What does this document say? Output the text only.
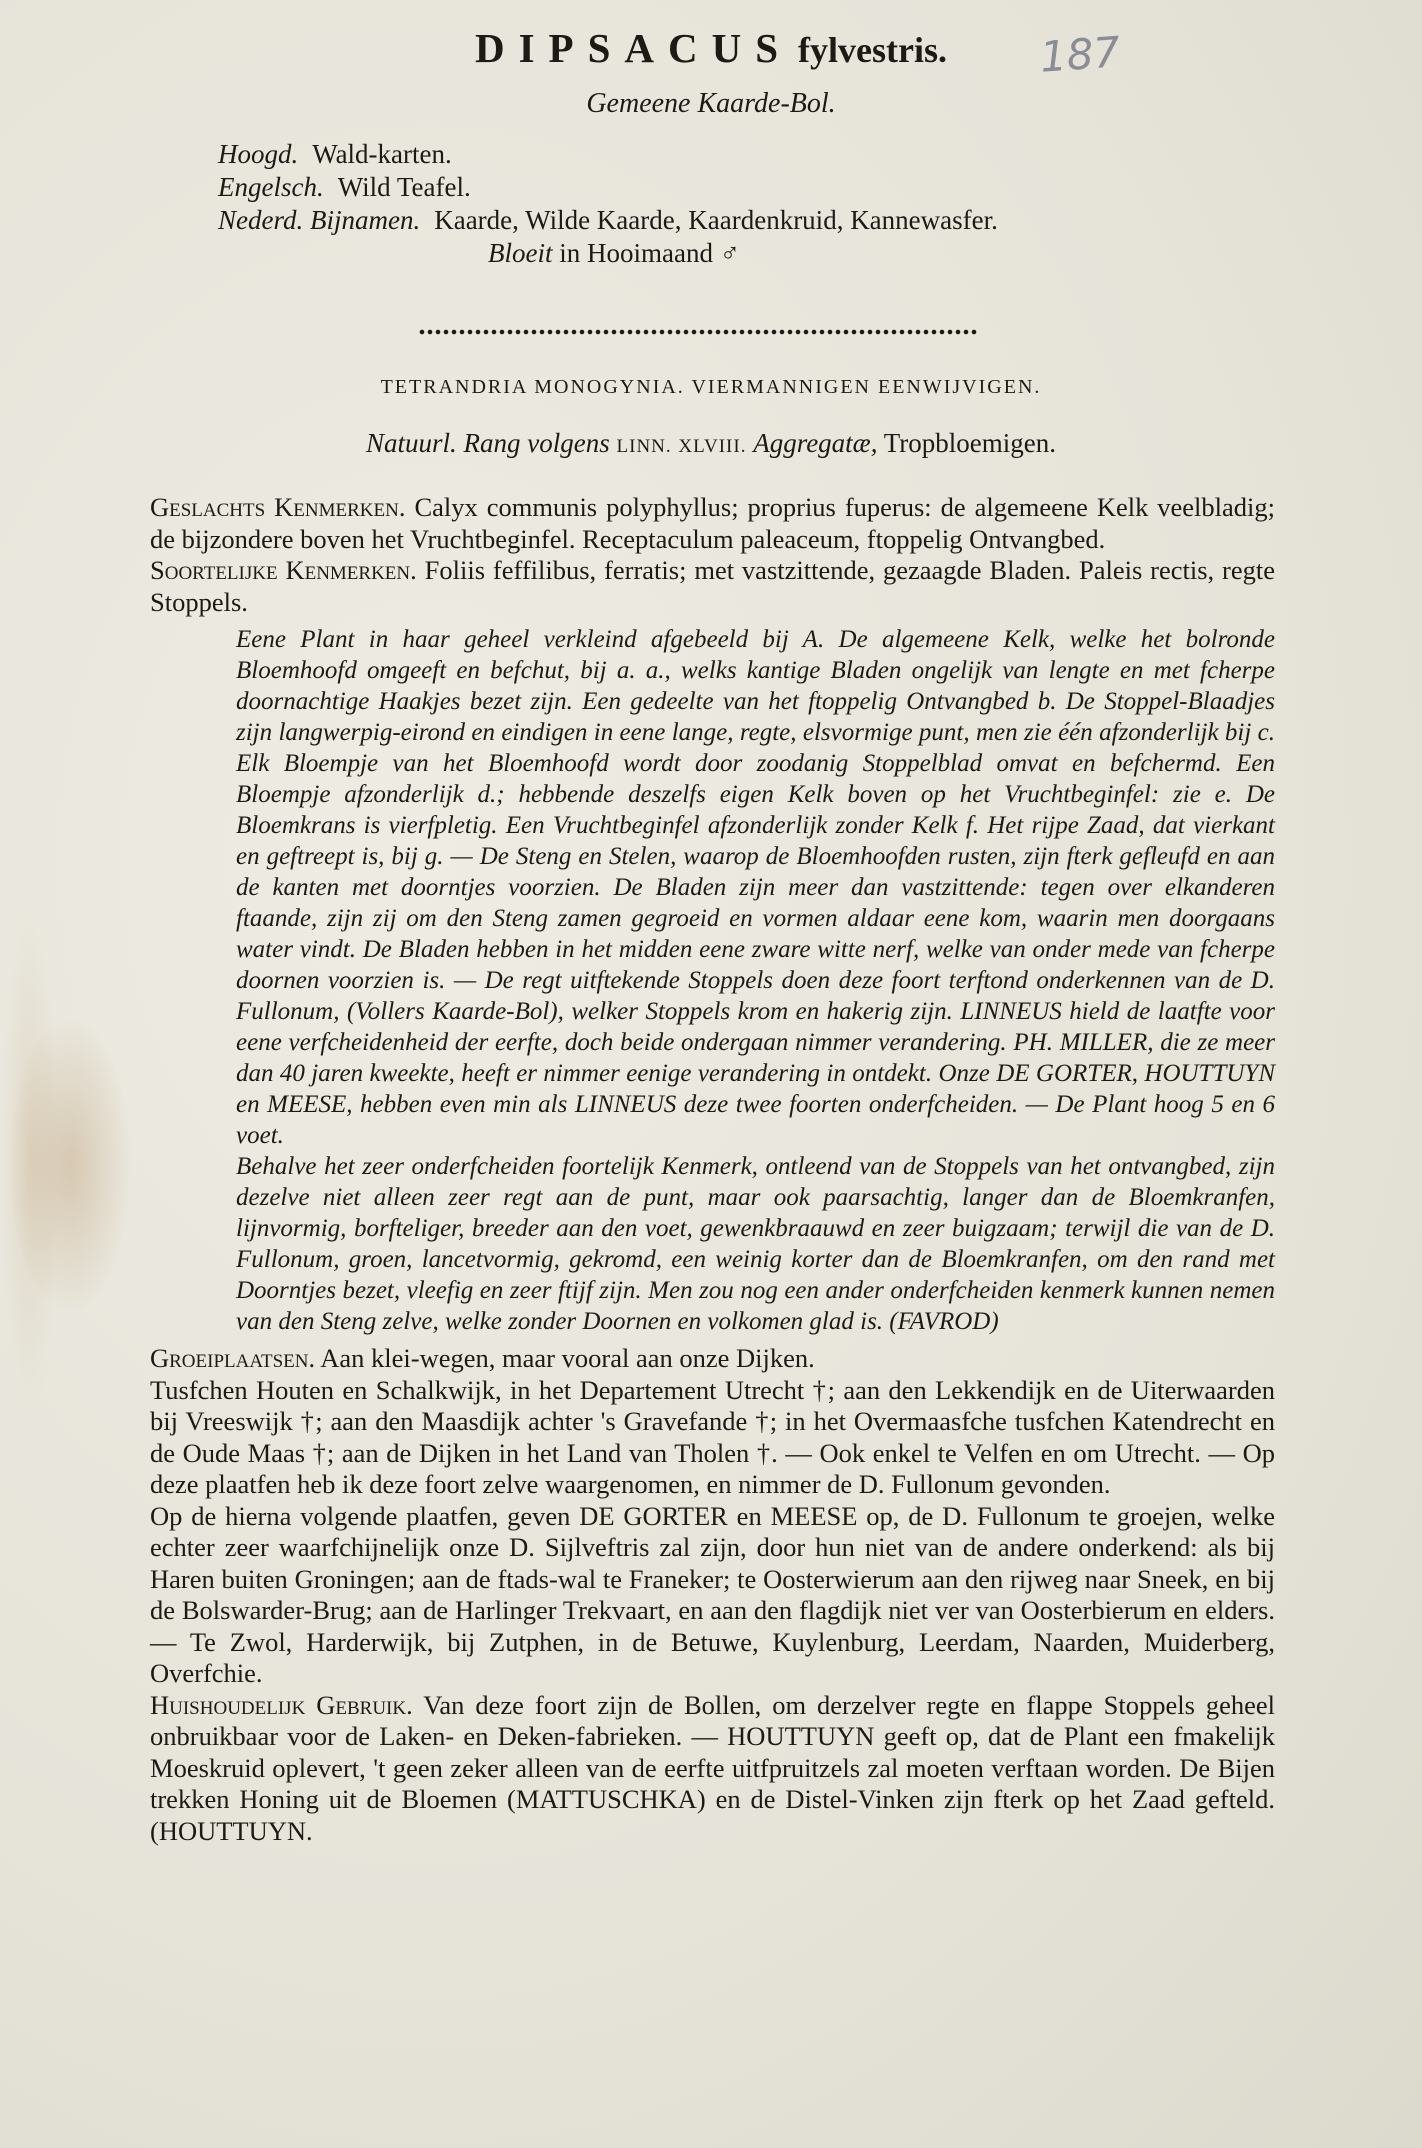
DIPSACUS fylvestris.	187
Gemeene Kaarde-Bol.
Hoogd. Wald-karten.
Engelsch. Wild Teafel.
Nederd. Bijnamen. Kaarde, Wilde Kaarde, Kaardenkruid, Kannewasfer.
Bloeit in Hooimaand ♂
TETRANDRIA MONOGYNIA. VIERMANNIGEN EENWIJVIGEN.
Natuurl. Rang volgens LINN. XLVIII. Aggregatæ, Tropbloemigen.

Geslachts Kenmerken. Calyx communis polyphyllus; proprius fuperus: de algemeene Kelk veelbladig; de bijzondere boven het Vruchtbeginfel. Receptaculum paleaceum, ftoppelig Ontvangbed.

Soortelijke Kenmerken. Foliis feffilibus, ferratis; met vastzittende, gezaagde Bladen. Paleis rectis, regte Stoppels.

Eene Plant in haar geheel verkleind afgebeeld bij A. De algemeene Kelk, welke het bolronde Bloemhoofd omgeeft en befchut, bij a. a., welks kantige Bladen ongelijk van lengte en met fcherpe doornachtige Haakjes bezet zijn. Een gedeelte van het ftoppelig Ontvangbed b. De Stoppel-Blaadjes zijn langwerpig-eirond en eindigen in eene lange, regte, elsvormige punt, men zie één afzonderlijk bij c. Elk Bloempje van het Bloemhoofd wordt door zoodanig Stoppelblad omvat en befchermd. Een Bloempje afzonderlijk d.; hebbende deszelfs eigen Kelk boven op het Vruchtbeginfel: zie e. De Bloemkrans is vierfpletig. Een Vruchtbeginfel afzonderlijk zonder Kelk f. Het rijpe Zaad, dat vierkant en geftreept is, bij g. — De Steng en Stelen, waarop de Bloemhoofden rusten, zijn fterk gefleufd en aan de kanten met doorntjes voorzien. De Bladen zijn meer dan vastzittende: tegen over elkanderen ftaande, zijn zij om den Steng zamen gegroeid en vormen aldaar eene kom, waarin men doorgaans water vindt. De Bladen hebben in het midden eene zware witte nerf, welke van onder mede van fcherpe doornen voorzien is. — De regt uitftekende Stoppels doen deze foort terftond onderkennen van de D. Fullonum, (Vollers Kaarde-Bol), welker Stoppels krom en hakerig zijn. LINNEUS hield de laatfte voor eene verfcheidenheid der eerfte, doch beide ondergaan nimmer verandering. PH. MILLER, die ze meer dan 40 jaren kweekte, heeft er nimmer eenige verandering in ontdekt. Onze DE GORTER, HOUTTUYN en MEESE, hebben even min als LINNEUS deze twee foorten onderfcheiden. — De Plant hoog 5 en 6 voet.

Behalve het zeer onderfcheiden foortelijk Kenmerk, ontleend van de Stoppels van het ontvangbed, zijn dezelve niet alleen zeer regt aan de punt, maar ook paarsachtig, langer dan de Bloemkranfen, lijnvormig, borfteliger, breeder aan den voet, gewenkbraauwd en zeer buigzaam; terwijl die van de D. Fullonum, groen, lancetvormig, gekromd, een weinig korter dan de Bloemkranfen, om den rand met Doorntjes bezet, vleefig en zeer ftijf zijn. Men zou nog een ander onderfcheiden kenmerk kunnen nemen van den Steng zelve, welke zonder Doornen en volkomen glad is. (FAVROD)

Groeiplaatsen. Aan klei-wegen, maar vooral aan onze Dijken.

Tusfchen Houten en Schalkwijk, in het Departement Utrecht †; aan den Lekkendijk en de Uiterwaarden bij Vreeswijk †; aan den Maasdijk achter 's Gravefande †; in het Overmaasfche tusfchen Katendrecht en de Oude Maas †; aan de Dijken in het Land van Tholen †. — Ook enkel te Velfen en om Utrecht. — Op deze plaatfen heb ik deze foort zelve waargenomen, en nimmer de D. Fullonum gevonden.

Op de hierna volgende plaatfen, geven DE GORTER en MEESE op, de D. Fullonum te groejen, welke echter zeer waarfchijnelijk onze D. Sijlveftris zal zijn, door hun niet van de andere onderkend: als bij Haren buiten Groningen; aan de ftads-wal te Franeker; te Oosterwierum aan den rijweg naar Sneek, en bij de Bolswarder-Brug; aan de Harlinger Trekvaart, en aan den flagdijk niet ver van Oosterbierum en elders. — Te Zwol, Harderwijk, bij Zutphen, in de Betuwe, Kuylenburg, Leerdam, Naarden, Muiderberg, Overfchie.

Huishoudelijk Gebruik. Van deze foort zijn de Bollen, om derzelver regte en flappe Stoppels geheel onbruikbaar voor de Laken- en Deken-fabrieken. — HOUTTUYN geeft op, dat de Plant een fmakelijk Moeskruid oplevert, 't geen zeker alleen van de eerfte uitfpruitzels zal moeten verftaan worden. De Bijen trekken Honing uit de Bloemen (MATTUSCHKA) en de Distel-Vinken zijn fterk op het Zaad gefteld. (HOUTTUYN.
